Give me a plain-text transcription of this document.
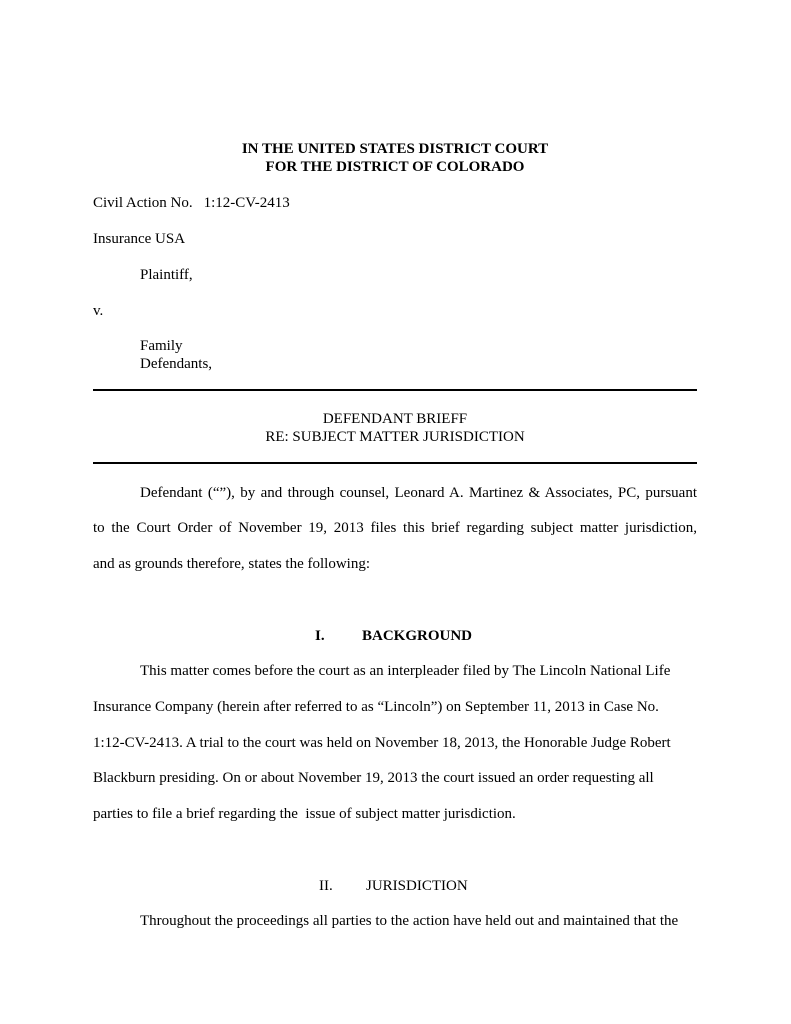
IN THE UNITED STATES DISTRICT COURT
FOR THE DISTRICT OF COLORADO
Civil Action No. 1:12-CV-2413
Insurance USA
Plaintiff,
v.
Family
Defendants,
DEFENDANT BRIEFF
RE: SUBJECT MATTER JURISDICTION
Defendant (“”), by and through counsel, Leonard A. Martinez & Associates, PC, pursuant
to the Court Order of November 19, 2013 files this brief regarding subject matter jurisdiction,
and as grounds therefore, states the following:
I. BACKGROUND
This matter comes before the court as an interpleader filed by The Lincoln National Life
Insurance Company (herein after referred to as “Lincoln”) on September 11, 2013 in Case No.
1:12-CV-2413. A trial to the court was held on November 18, 2013, the Honorable Judge Robert
Blackburn presiding. On or about November 19, 2013 the court issued an order requesting all
parties to file a brief regarding the  issue of subject matter jurisdiction.
II. JURISDICTION
Throughout the proceedings all parties to the action have held out and maintained that the
